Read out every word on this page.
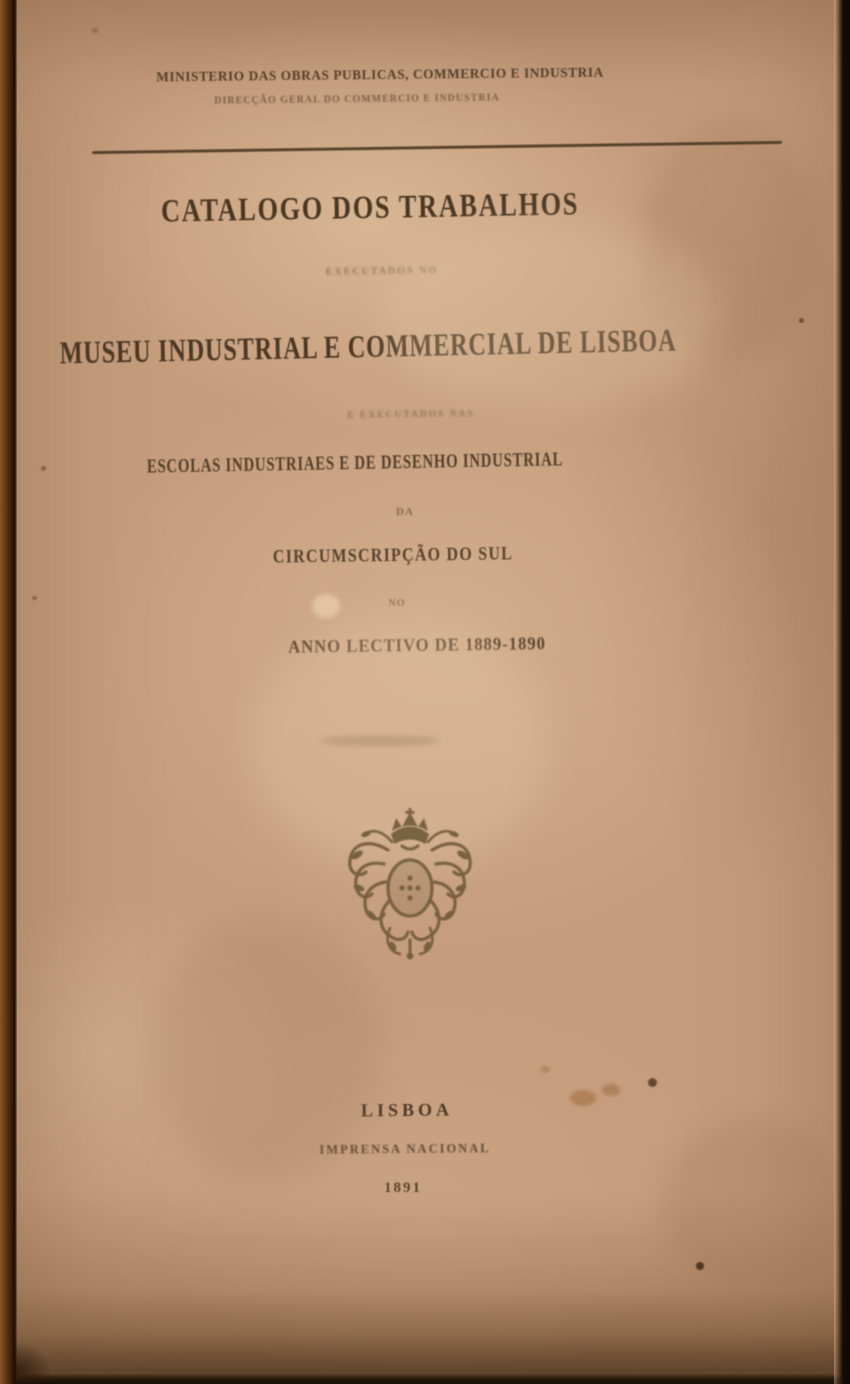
MINISTERIO DAS OBRAS PUBLICAS, COMMERCIO E INDUSTRIA
DIRECÇÃO GERAL DO COMMERCIO E INDUSTRIA
CATALOGO DOS TRABALHOS
EXECUTADOS NO
MUSEU INDUSTRIAL E COMMERCIAL DE LISBOA
E EXECUTADOS NAS
ESCOLAS INDUSTRIAES E DE DESENHO INDUSTRIAL
DA
CIRCUMSCRIPÇÃO DO SUL
NO
ANNO LECTIVO DE 1889-1890
LISBOA
IMPRENSA NACIONAL
1891
